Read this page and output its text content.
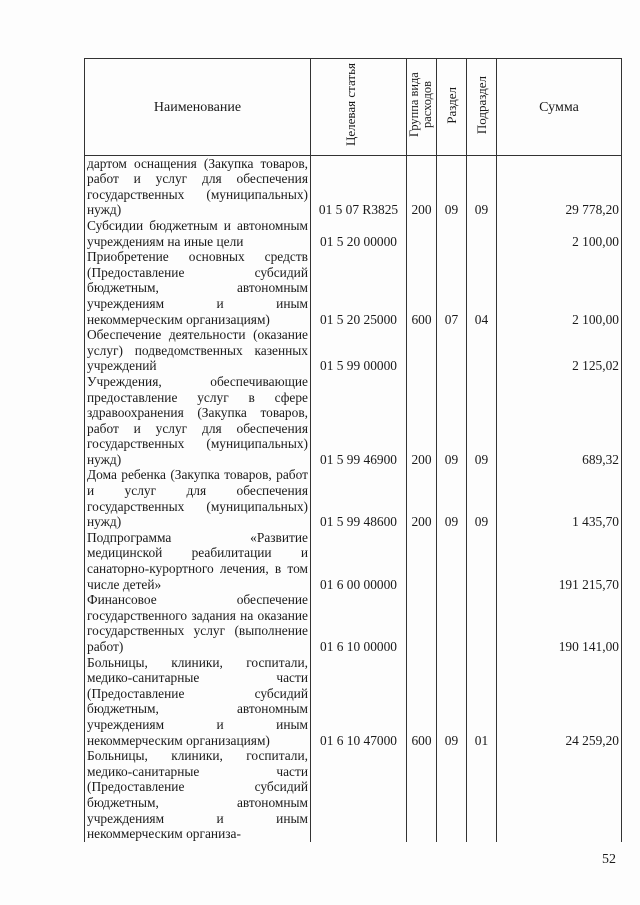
Наименование	Целевая статья	Группа вида расходов	Раздел	Подраздел	Сумма
дартом оснащения (Закупка товаров, работ и услуг для обеспечения государственных (муниципальных) нужд)	01 5 07 R3825	200	09	09	29 778,20
Субсидии бюджетным и автономным учреждениям на иные цели	01 5 20 00000				2 100,00
Приобретение основных средств (Предоставление субсидий бюджетным, автономным учреждениям и иным некоммерческим организациям)	01 5 20 25000	600	07	04	2 100,00
Обеспечение деятельности (оказание услуг) подведомственных казенных учреждений	01 5 99 00000				2 125,02
Учреждения, обеспечивающие предоставление услуг в сфере здравоохранения (Закупка товаров, работ и услуг для обеспечения государственных (муниципальных) нужд)	01 5 99 46900	200	09	09	689,32
Дома ребенка (Закупка товаров, работ и услуг для обеспечения государственных (муниципальных) нужд)	01 5 99 48600	200	09	09	1 435,70
Подпрограмма «Развитие медицинской реабилитации и санаторно-курортного лечения, в том числе детей»	01 6 00 00000				191 215,70
Финансовое обеспечение государственного задания на оказание государственных услуг (выполнение работ)	01 6 10 00000				190 141,00
Больницы, клиники, госпитали, медико-санитарные части (Предоставление субсидий бюджетным, автономным учреждениям и иным некоммерческим организациям)	01 6 10 47000	600	09	01	24 259,20
Больницы, клиники, госпитали, медико-санитарные части (Предоставление субсидий бюджетным, автономным учреждениям и иным некоммерческим организа-					
52
